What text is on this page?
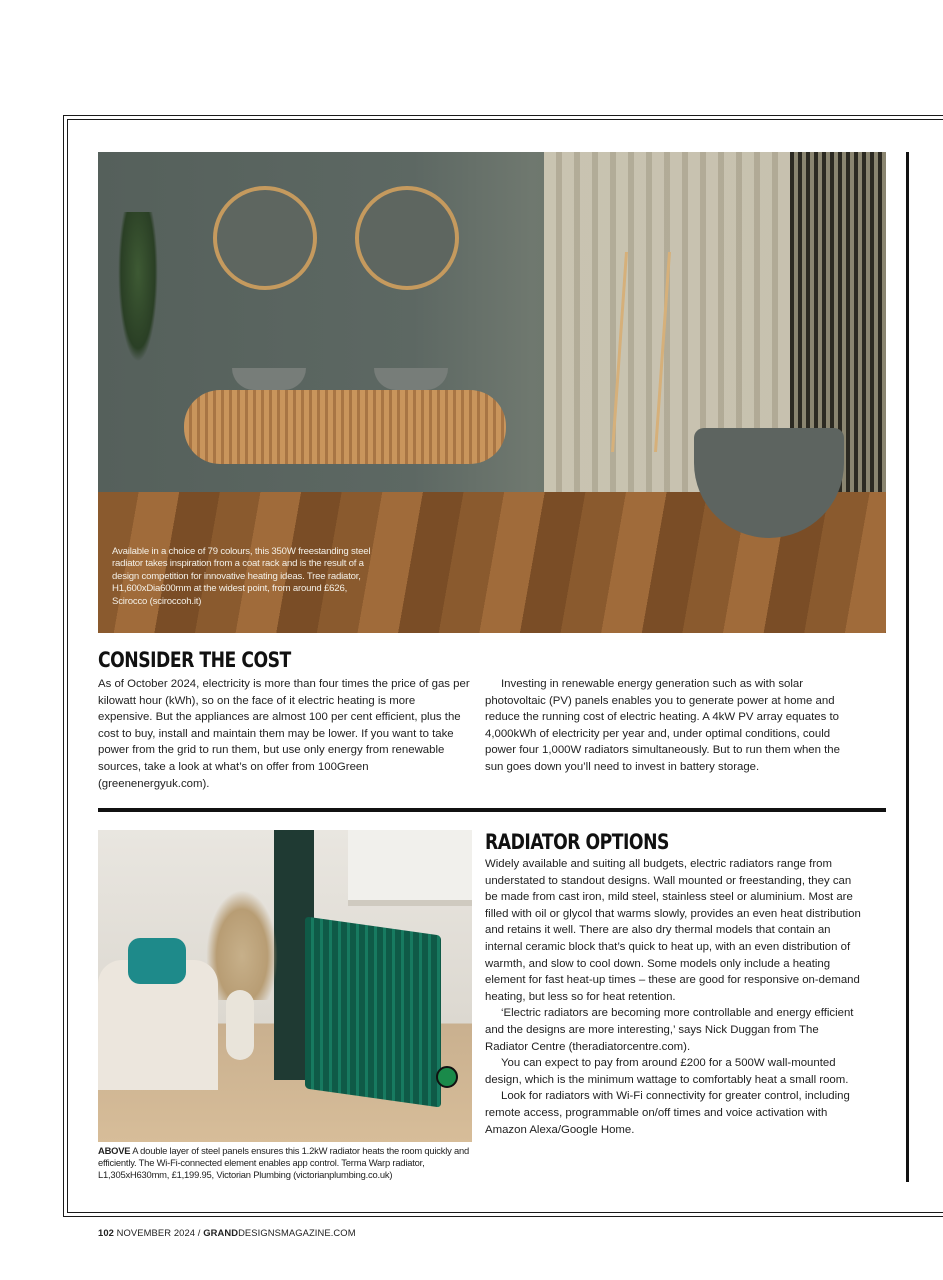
Available in a choice of 79 colours, this 350W freestanding steel radiator takes inspiration from a coat rack and is the result of a design competition for innovative heating ideas. Tree radiator, H1,600xDia600mm at the widest point, from around £626, Scirocco (sciroccoh.it)

CONSIDER THE COST

As of October 2024, electricity is more than four times the price of gas per kilowatt hour (kWh), so on the face of it electric heating is more expensive. But the appliances are almost 100 per cent efficient, plus the cost to buy, install and maintain them may be lower. If you want to take power from the grid to run them, but use only energy from renewable sources, take a look at what’s on offer from 100Green (greenenergyuk.com).

Investing in renewable energy generation such as with solar photovoltaic (PV) panels enables you to generate power at home and reduce the running cost of electric heating. A 4kW PV array equates to 4,000kWh of electricity per year and, under optimal conditions, could power four 1,000W radiators simultaneously. But to run them when the sun goes down you’ll need to invest in battery storage.

ABOVE A double layer of steel panels ensures this 1.2kW radiator heats the room quickly and efficiently. The Wi-Fi-connected element enables app control. Terma Warp radiator, L1,305xH630mm, £1,199.95, Victorian Plumbing (victorianplumbing.co.uk)

RADIATOR OPTIONS

Widely available and suiting all budgets, electric radiators range from understated to standout designs. Wall mounted or freestanding, they can be made from cast iron, mild steel, stainless steel or aluminium. Most are filled with oil or glycol that warms slowly, provides an even heat distribution and retains it well. There are also dry thermal models that contain an internal ceramic block that’s quick to heat up, with an even distribution of warmth, and slow to cool down. Some models only include a heating element for fast heat-up times – these are good for responsive on-demand heating, but less so for heat retention.

‘Electric radiators are becoming more controllable and energy efficient and the designs are more interesting,’ says Nick Duggan from The Radiator Centre (theradiatorcentre.com).

You can expect to pay from around £200 for a 500W wall-mounted design, which is the minimum wattage to comfortably heat a small room.

Look for radiators with Wi-Fi connectivity for greater control, including remote access, programmable on/off times and voice activation with Amazon Alexa/Google Home.

102 NOVEMBER 2024 / GRANDDESIGNSMAGAZINE.COM
